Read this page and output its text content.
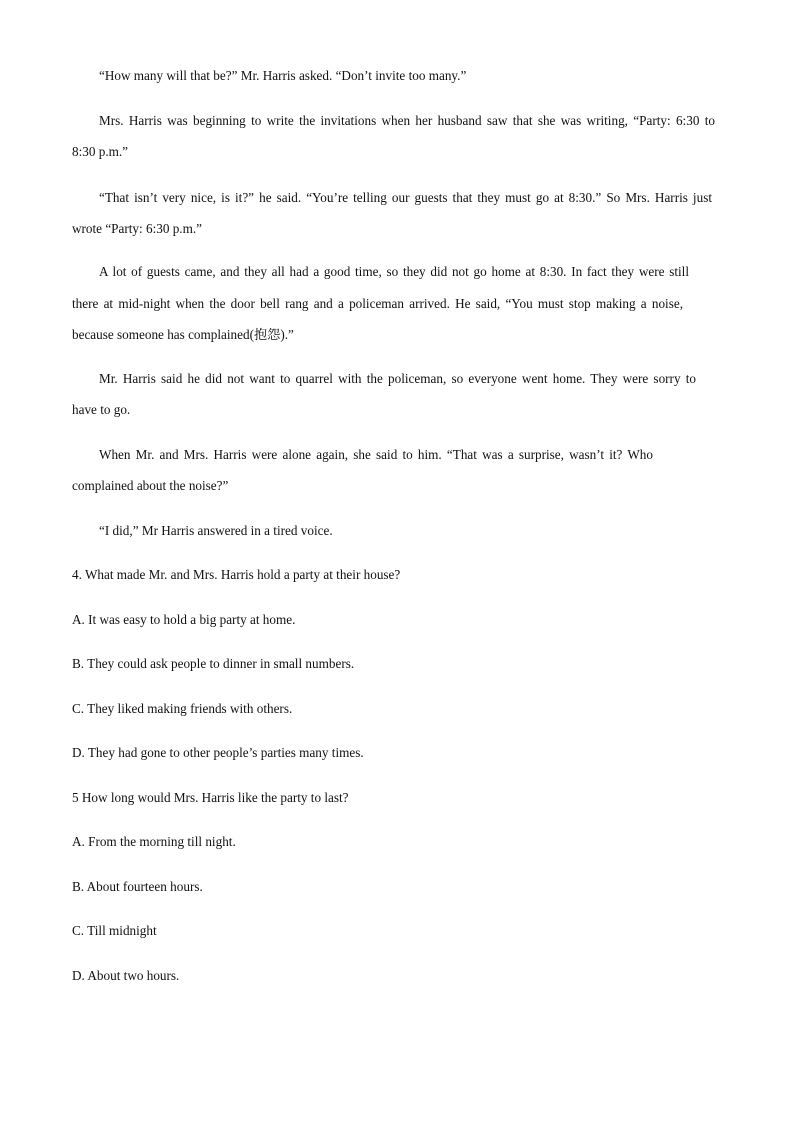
“How many will that be?” Mr. Harris asked. “Don’t invite too many.”

Mrs. Harris was beginning to write the invitations when her husband saw that she was writing, “Party: 6:30 to

8:30 p.m.”

“That isn’t very nice, is it?” he said. “You’re telling our guests that they must go at 8:30.” So Mrs. Harris just

wrote “Party: 6:30 p.m.”

A lot of guests came, and they all had a good time, so they did not go home at 8:30. In fact they were still

there at mid-night when the door bell rang and a policeman arrived. He said, “You must stop making a noise,

because someone has complained(抱怨).”

Mr. Harris said he did not want to quarrel with the policeman, so everyone went home. They were sorry to

have to go.

When Mr. and Mrs. Harris were alone again, she said to him. “That was a surprise, wasn’t it? Who

complained about the noise?”

“I did,” Mr Harris answered in a tired voice.

4. What made Mr. and Mrs. Harris hold a party at their house?

A. It was easy to hold a big party at home.

B. They could ask people to dinner in small numbers.

C. They liked making friends with others.

D. They had gone to other people’s parties many times.

5 How long would Mrs. Harris like the party to last?

A. From the morning till night.

B. About fourteen hours.

C. Till midnight

D. About two hours.
